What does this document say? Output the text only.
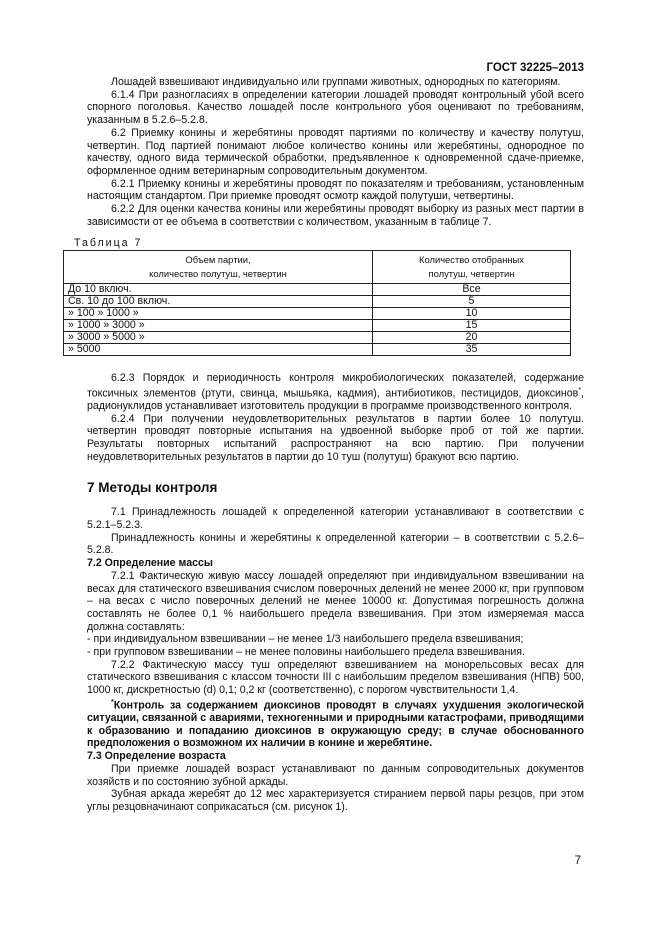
ГОСТ 32225–2013

Лошадей взвешивают индивидуально или группами животных, однородных по категориям.

6.1.4 При разногласиях в определении категории лошадей проводят контрольный убой всего спорного поголовья. Качество лошадей после контрольного убоя оценивают по требованиям, указанным в 5.2.6–5.2.8.

6.2 Приемку конины и жеребятины проводят партиями по количеству и качеству полутуш, четвертин. Под партией понимают любое количество конины или жеребятины, однородное по качеству, одного вида термической обработки, предъявленное к одновременной сдаче-приемке, оформленное одним ветеринарным сопроводительным документом.

6.2.1 Приемку конины и жеребятины проводят по показателям и требованиям, установленным настоящим стандартом. При приемке проводят осмотр каждой полутуши, четвертины.

6.2.2 Для оценки качества конины или жеребятины проводят выборку из разных мест партии в зависимости от ее объема в соответствии с количеством, указанным в таблице 7.

Таблица 7
Объем партии,
количество полутуш, четвертин	Количество отобранных
полутуш, четвертин
До 10 включ.	Все
Св. 10 до 100 включ.	5
» 100 » 1000 »	10
» 1000 » 3000 »	15
» 3000 » 5000 »	20
» 5000	35

6.2.3 Порядок и периодичность контроля микробиологических показателей, содержание токсичных элементов (ртути, свинца, мышьяка, кадмия), антибиотиков, пестицидов, диоксинов*, радионуклидов устанавливает изготовитель продукции в программе производственного контроля.

6.2.4 При получении неудовлетворительных результатов в партии более 10 полутуш. четвертин проводят повторные испытания на удвоенной выборке проб от той же партии. Результаты повторных испытаний распространяют на всю партию. При получении неудовлетворительных результатов в партии до 10 туш (полутуш) бракуют всю партию.

7 Методы контроля

7.1 Принадлежность лошадей к определенной категории устанавливают в соответствии с 5.2.1–5.2.3.

Принадлежность конины и жеребятины к определенной категории – в соответствии с 5.2.6–5.2.8.

7.2 Определение массы

7.2.1 Фактическую живую массу лошадей определяют при индивидуальном взвешивании на весах для статического взвешивания счислом поверочных делений не менее 2000 кг, при групповом – на весах с число поверочных делений не менее 10000 кг. Допустимая погрешность должна составлять не более 0,1 % наибольшего предела взвешивания. При этом измеряемая масса должна составлять:

- при индивидуальном взвешивании – не менее 1/3 наибольшего предела взвешивания;

- при групповом взвешивании – не менее половины наибольшего предела взвешивания.

7.2.2 Фактическую массу туш определяют взвешиванием на монорельсовых весах для статического взвешивания с классом точности III с наибольшим пределом взвешивания (НПВ) 500, 1000 кг, дискретностью (d) 0,1; 0,2 кг (соответственно), с порогом чувствительности 1,4.

*Контроль за содержанием диоксинов проводят в случаях ухудшения экологической ситуации, связанной с авариями, техногенными и природными катастрофами, приводящими к образованию и попаданию диоксинов в окружающую среду; в случае обоснованного предположения о возможном их наличии в конине и жеребятине.

7.3 Определение возраста

При приемке лошадей возраст устанавливают по данным сопроводительных документов хозяйств и по состоянию зубной аркады.

Зубная аркада жеребят до 12 мес характеризуется стиранием первой пары резцов, при этом углы резцовначинают соприкасаться (см. рисунок 1).

7
